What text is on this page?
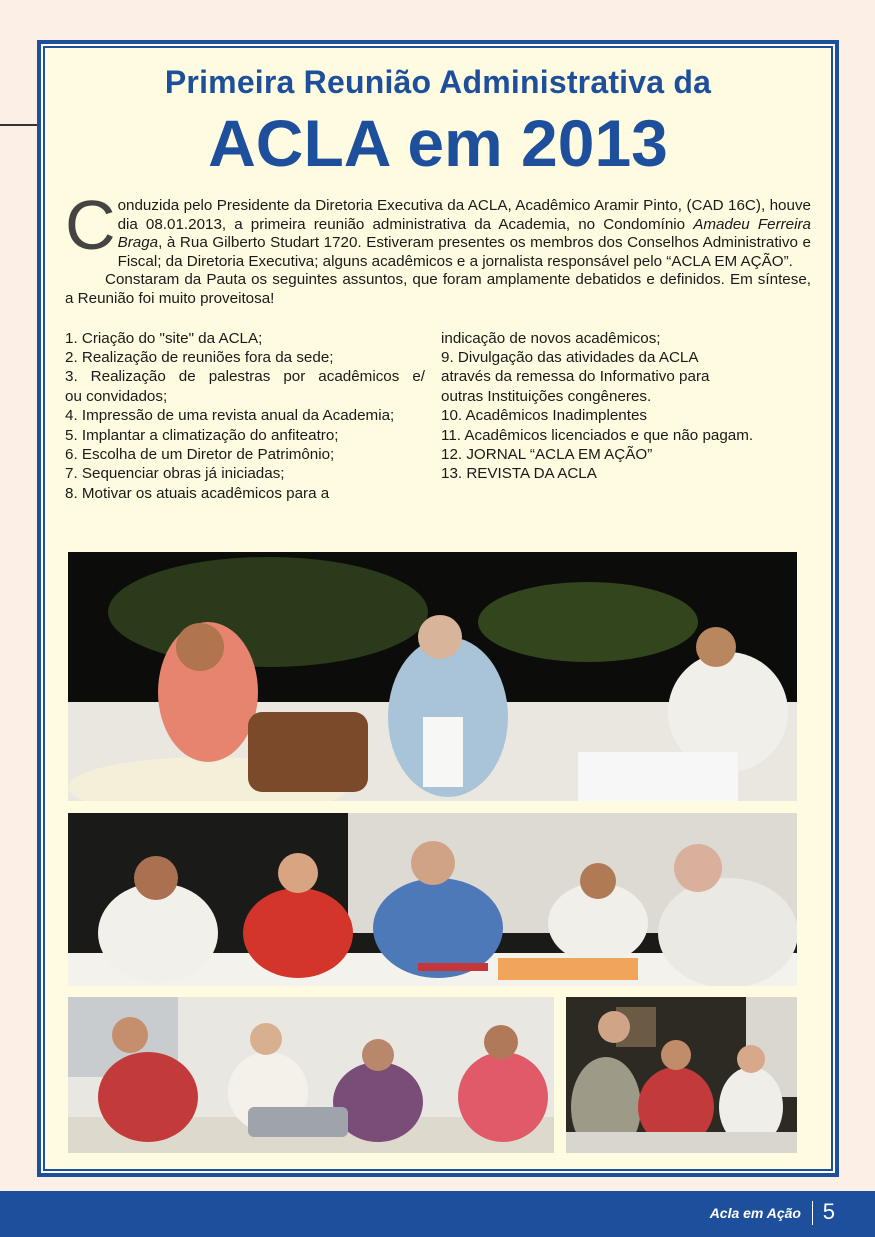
Primeira Reunião Administrativa da
ACLA em 2013

Conduzida pelo Presidente da Diretoria Executiva da ACLA, Acadêmico Aramir Pinto, (CAD 16C), houve dia 08.01.2013, a primeira reunião administrativa da Academia, no Condomínio Amadeu Ferreira Braga, à Rua Gilberto Studart 1720. Estiveram presentes os membros dos Conselhos Administrativo e Fiscal; da Diretoria Executiva; alguns acadêmicos e a jornalista responsável pelo “ACLA EM AÇÃO”.

Constaram da Pauta os seguintes assuntos, que foram amplamente debatidos e definidos. Em síntese, a Reunião foi muito proveitosa!

1. Criação do "site" da ACLA;
2. Realização de reuniões fora da sede;
3. Realização de palestras por acadêmicos e/
ou convidados;
4. Impressão de uma revista anual da Academia;
5. Implantar a climatização do anfiteatro;
6. Escolha de um Diretor de Patrimônio;
7. Sequenciar obras já iniciadas;
8. Motivar os atuais acadêmicos para a
indicação de novos acadêmicos;
9. Divulgação das atividades da ACLA
através da remessa do Informativo para
outras Instituições congêneres.
10. Acadêmicos Inadimplentes
11. Acadêmicos licenciados e que não pagam.
12. JORNAL “ACLA EM AÇÃO”
13. REVISTA DA ACLA
Acla em Ação 5
